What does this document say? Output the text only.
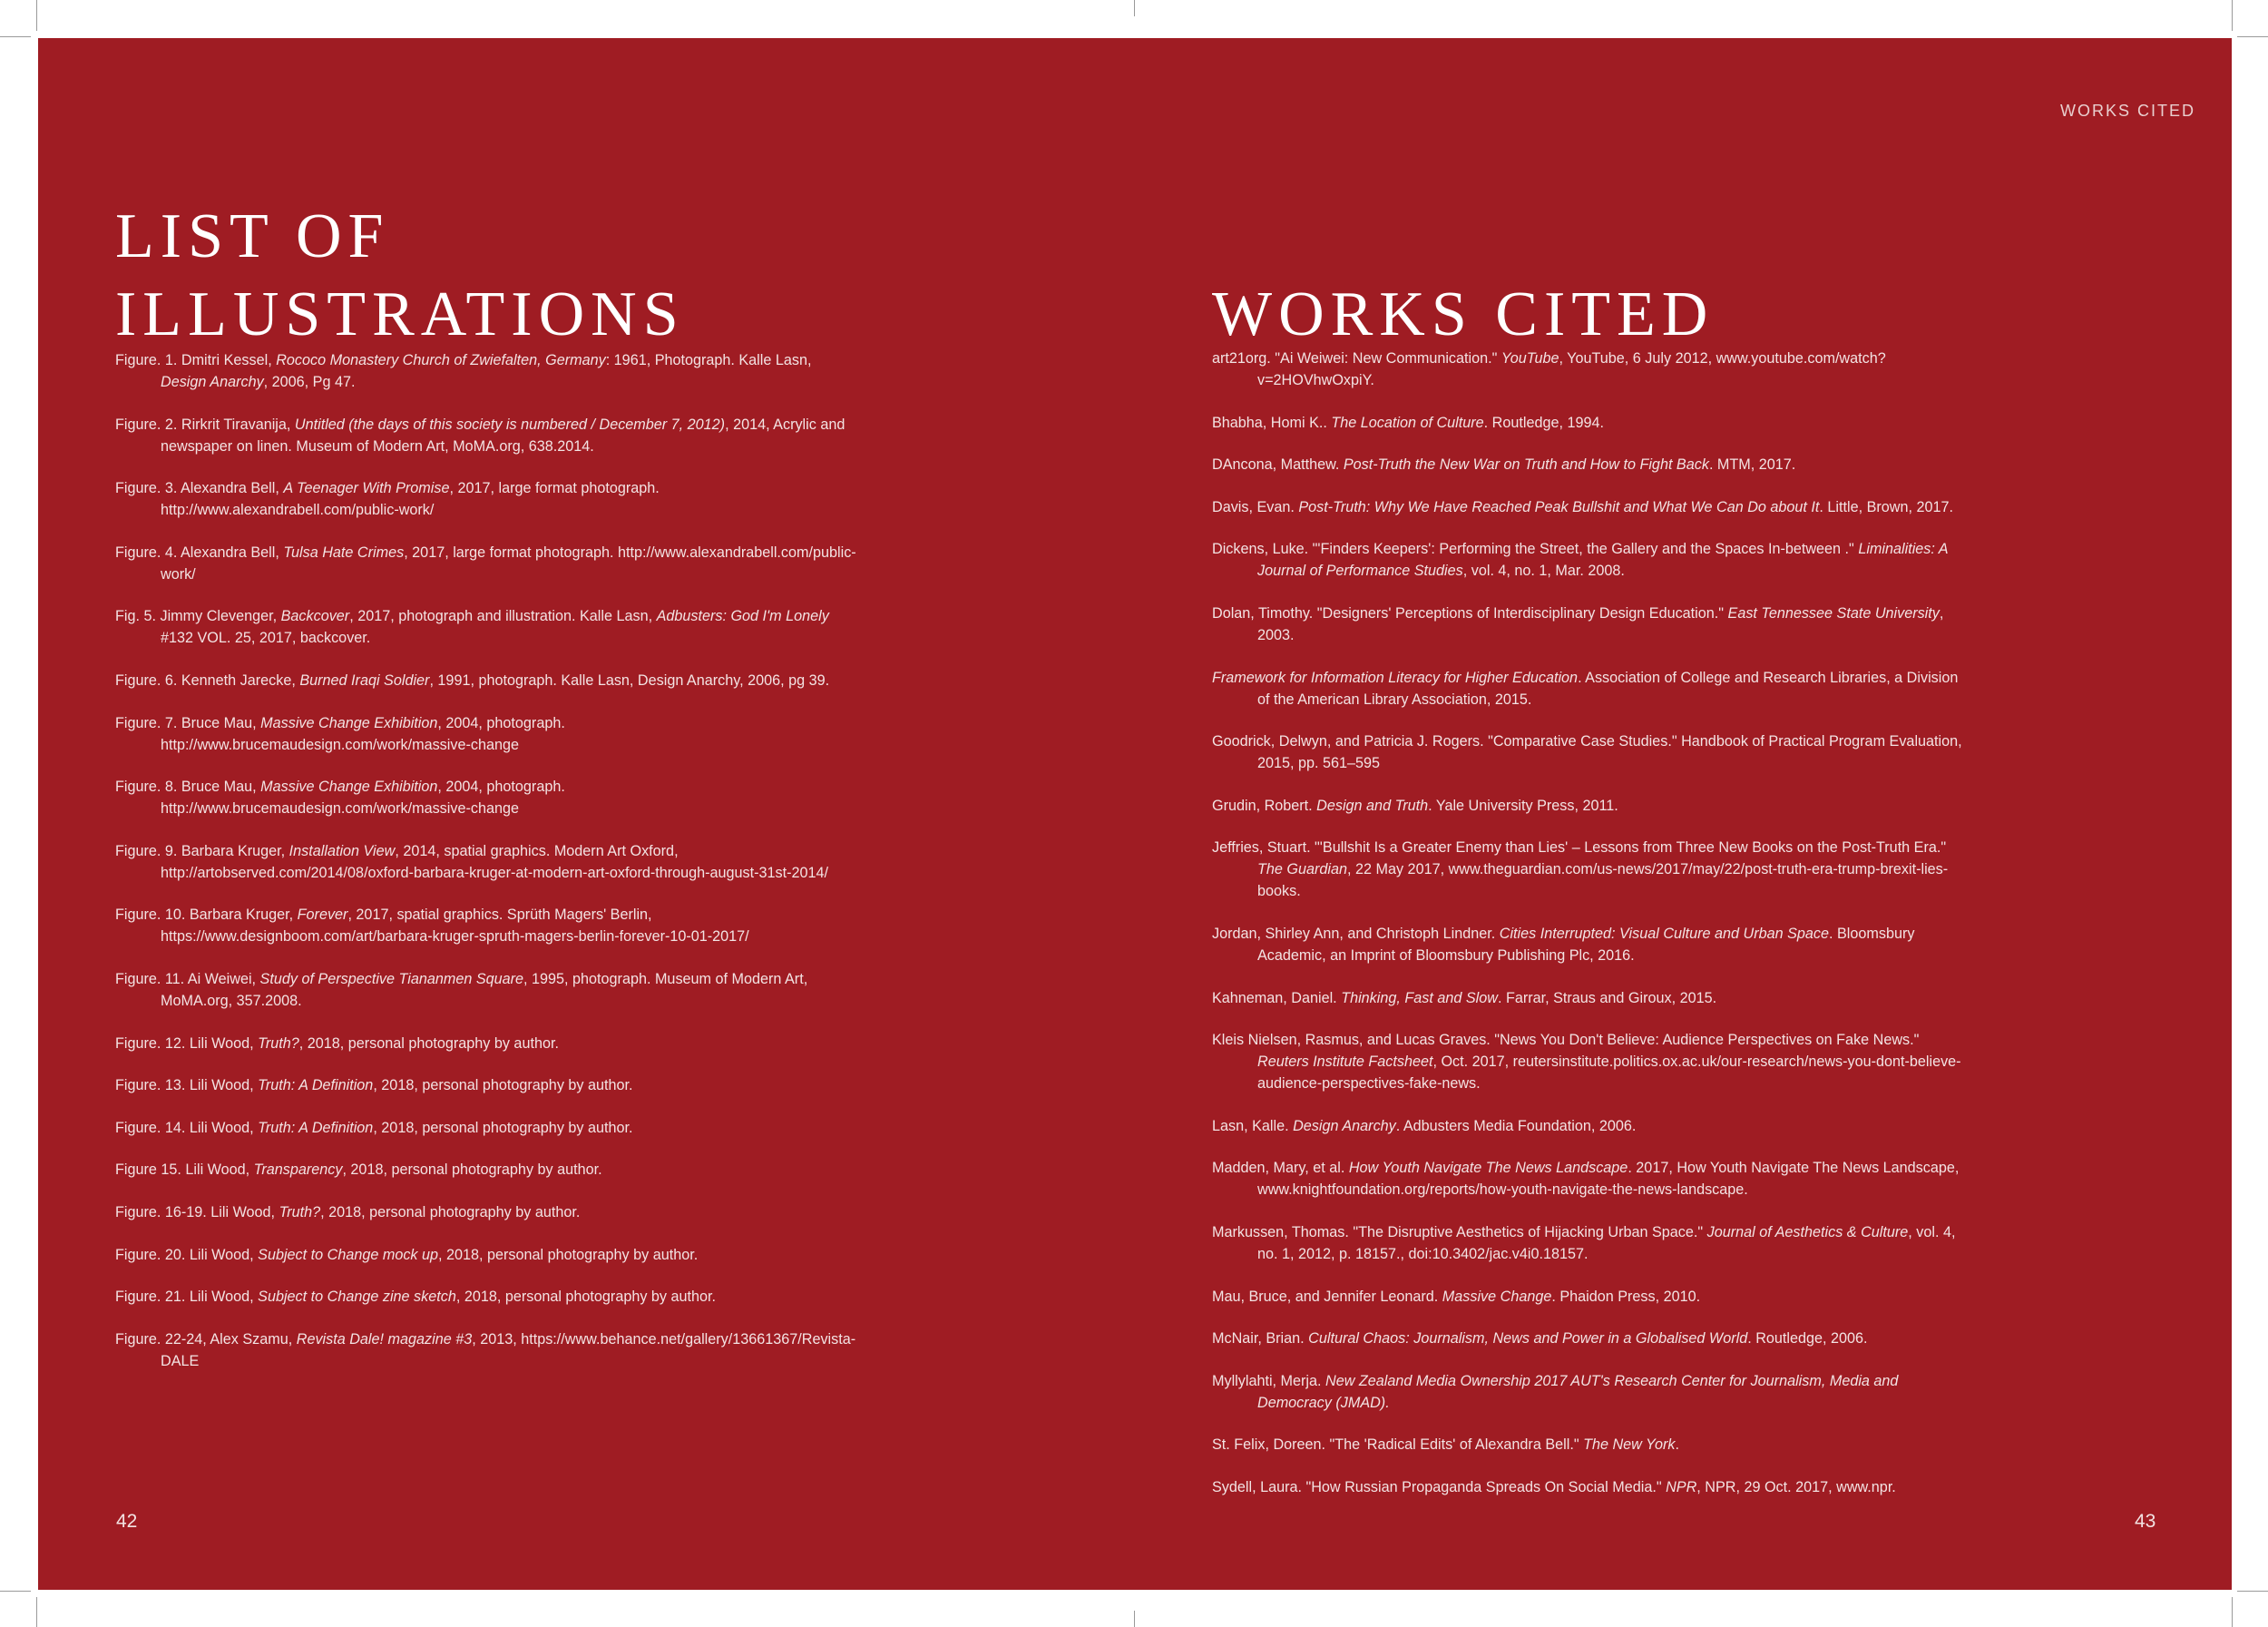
WORKS CITED
LIST OF
ILLUSTRATIONS
Figure. 1. Dmitri Kessel, Rococo Monastery Church of Zwiefalten, Germany: 1961, Photograph. Kalle Lasn, Design Anarchy, 2006, Pg 47.
Figure. 2. Rirkrit Tiravanija, Untitled (the days of this society is numbered / December 7, 2012), 2014, Acrylic and newspaper on linen. Museum of Modern Art, MoMA.org, 638.2014.
Figure. 3. Alexandra Bell, A Teenager With Promise, 2017, large format photograph. http://www.alexandrabell.com/public-work/
Figure. 4. Alexandra Bell, Tulsa Hate Crimes, 2017, large format photograph. http://www.alexandrabell.com/public-work/
Fig. 5. Jimmy Clevenger, Backcover, 2017, photograph and illustration. Kalle Lasn, Adbusters: God I'm Lonely #132 VOL. 25, 2017, backcover.
Figure. 6. Kenneth Jarecke, Burned Iraqi Soldier, 1991, photograph. Kalle Lasn, Design Anarchy, 2006, pg 39.
Figure. 7. Bruce Mau, Massive Change Exhibition, 2004, photograph. http://www.brucemaudesign.com/work/massive-change
Figure. 8. Bruce Mau, Massive Change Exhibition, 2004, photograph. http://www.brucemaudesign.com/work/massive-change
Figure. 9. Barbara Kruger, Installation View, 2014, spatial graphics. Modern Art Oxford, http://artobserved.com/2014/08/oxford-barbara-kruger-at-modern-art-oxford-through-august-31st-2014/
Figure. 10. Barbara Kruger, Forever, 2017, spatial graphics. Sprüth Magers' Berlin, https://www.designboom.com/art/barbara-kruger-spruth-magers-berlin-forever-10-01-2017/
Figure. 11. Ai Weiwei, Study of Perspective Tiananmen Square, 1995, photograph. Museum of Modern Art, MoMA.org, 357.2008.
Figure. 12. Lili Wood, Truth?, 2018, personal photography by author.
Figure. 13. Lili Wood, Truth: A Definition, 2018, personal photography by author.
Figure. 14. Lili Wood, Truth: A Definition, 2018, personal photography by author.
Figure 15. Lili Wood, Transparency, 2018, personal photography by author.
Figure. 16-19. Lili Wood, Truth?, 2018, personal photography by author.
Figure. 20. Lili Wood, Subject to Change mock up, 2018, personal photography by author.
Figure. 21. Lili Wood, Subject to Change zine sketch, 2018, personal photography by author.
Figure. 22-24, Alex Szamu, Revista Dale! magazine #3, 2013, https://www.behance.net/gallery/13661367/Revista-DALE
42
WORKS CITED
art21org. "Ai Weiwei: New Communication." YouTube, YouTube, 6 July 2012, www.youtube.com/watch?v=2HOVhwOxpiY.
Bhabha, Homi K.. The Location of Culture. Routledge, 1994.
DAncona, Matthew. Post-Truth the New War on Truth and How to Fight Back. MTM, 2017.
Davis, Evan. Post-Truth: Why We Have Reached Peak Bullshit and What We Can Do about It. Little, Brown, 2017.
Dickens, Luke. "'Finders Keepers': Performing the Street, the Gallery and the Spaces In-between ." Liminalities: A Journal of Performance Studies, vol. 4, no. 1, Mar. 2008.
Dolan, Timothy. "Designers' Perceptions of Interdisciplinary Design Education." East Tennessee State University, 2003.
Framework for Information Literacy for Higher Education. Association of College and Research Libraries, a Division of the American Library Association, 2015.
Goodrick, Delwyn, and Patricia J. Rogers. "Comparative Case Studies." Handbook of Practical Program Evaluation, 2015, pp. 561–595
Grudin, Robert. Design and Truth. Yale University Press, 2011.
Jeffries, Stuart. "'Bullshit Is a Greater Enemy than Lies' – Lessons from Three New Books on the Post-Truth Era." The Guardian, 22 May 2017, www.theguardian.com/us-news/2017/may/22/post-truth-era-trump-brexit-lies-books.
Jordan, Shirley Ann, and Christoph Lindner. Cities Interrupted: Visual Culture and Urban Space. Bloomsbury Academic, an Imprint of Bloomsbury Publishing Plc, 2016.
Kahneman, Daniel. Thinking, Fast and Slow. Farrar, Straus and Giroux, 2015.
Kleis Nielsen, Rasmus, and Lucas Graves. "News You Don't Believe: Audience Perspectives on Fake News." Reuters Institute Factsheet, Oct. 2017, reutersinstitute.politics.ox.ac.uk/our-research/news-you-dont-believe-audience-perspectives-fake-news.
Lasn, Kalle. Design Anarchy. Adbusters Media Foundation, 2006.
Madden, Mary, et al. How Youth Navigate The News Landscape. 2017, How Youth Navigate The News Landscape, www.knightfoundation.org/reports/how-youth-navigate-the-news-landscape.
Markussen, Thomas. "The Disruptive Aesthetics of Hijacking Urban Space." Journal of Aesthetics & Culture, vol. 4, no. 1, 2012, p. 18157., doi:10.3402/jac.v4i0.18157.
Mau, Bruce, and Jennifer Leonard. Massive Change. Phaidon Press, 2010.
McNair, Brian. Cultural Chaos: Journalism, News and Power in a Globalised World. Routledge, 2006.
Myllylahti, Merja. New Zealand Media Ownership 2017 AUT's Research Center for Journalism, Media and Democracy (JMAD).
St. Felix, Doreen. "The 'Radical Edits' of Alexandra Bell." The New York.
Sydell, Laura. "How Russian Propaganda Spreads On Social Media." NPR, NPR, 29 Oct. 2017, www.npr.
43
